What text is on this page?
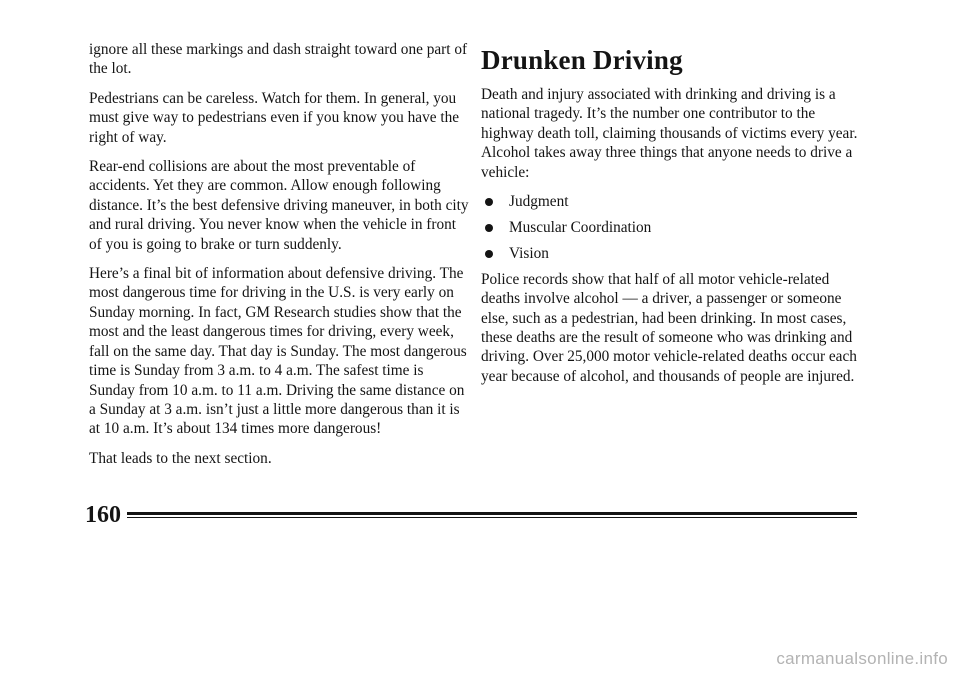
ignore all these markings and dash straight toward one part of the lot.

Pedestrians can be careless. Watch for them. In general, you must give way to pedestrians even if you know you have the right of way.

Rear-end collisions are about the most preventable of accidents. Yet they are common. Allow enough following distance. It’s the best defensive driving maneuver, in both city and rural driving. You never know when the vehicle in front of you is going to brake or turn suddenly.

Here’s a final bit of information about defensive driving. The most dangerous time for driving in the U.S. is very early on Sunday morning. In fact, GM Research studies show that the most and the least dangerous times for driving, every week, fall on the same day. That day is Sunday. The most dangerous time is Sunday from 3 a.m. to 4 a.m. The safest time is Sunday from 10 a.m. to 11 a.m. Driving the same distance on a Sunday at 3 a.m. isn’t just a little more dangerous than it is at 10 a.m. It’s about 134 times more dangerous!

That leads to the next section.

Drunken Driving

Death and injury associated with drinking and driving is a national tragedy. It’s the number one contributor to the highway death toll, claiming thousands of victims every year. Alcohol takes away three things that anyone needs to drive a vehicle:

Judgment
Muscular Coordination
Vision

Police records show that half of all motor vehicle-related deaths involve alcohol — a driver, a passenger or someone else, such as a pedestrian, had been drinking. In most cases, these deaths are the result of someone who was drinking and driving. Over 25,000 motor vehicle-related deaths occur each year because of alcohol, and thousands of people are injured.

160
carmanualsonline.info
